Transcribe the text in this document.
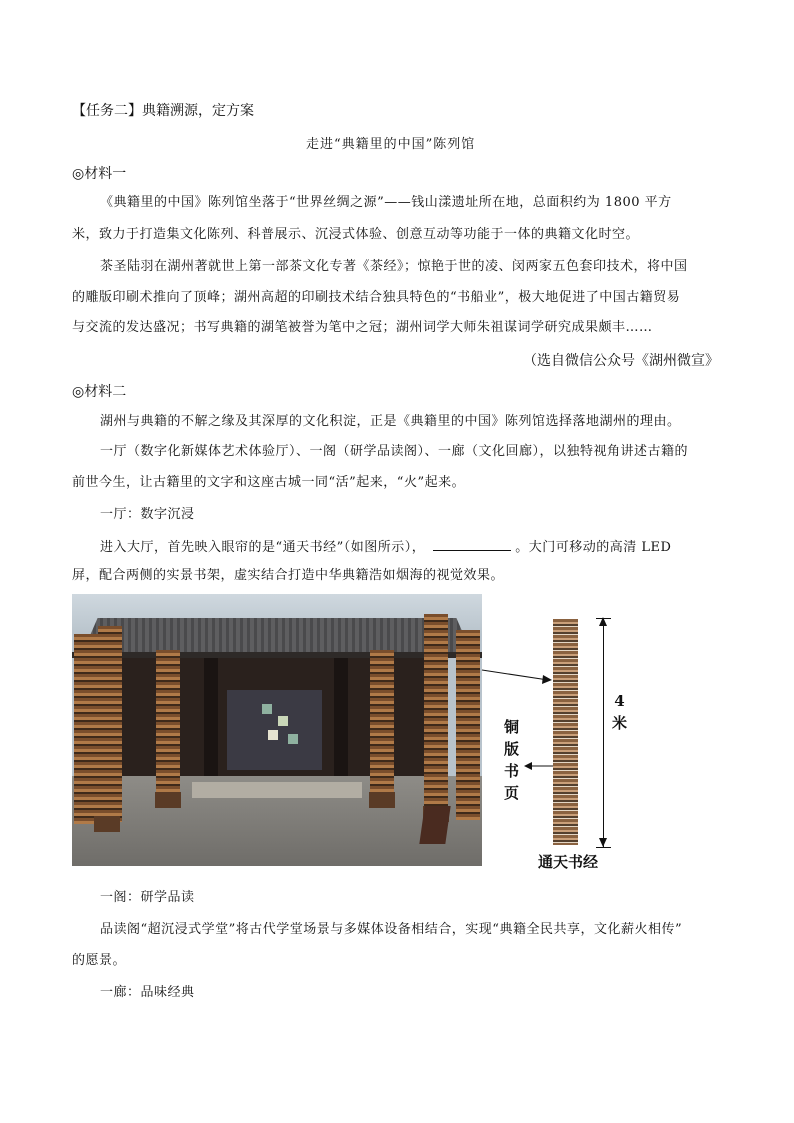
【任务二】典籍溯源，定方案
走进“典籍里的中国”陈列馆
◎材料一
《典籍里的中国》陈列馆坐落于“世界丝绸之源”——钱山漾遗址所在地，总面积约为 1800 平方
米，致力于打造集文化陈列、科普展示、沉浸式体验、创意互动等功能于一体的典籍文化时空。
茶圣陆羽在湖州著就世上第一部茶文化专著《茶经》；惊艳于世的凌、闵两家五色套印技术，将中国
的雕版印刷术推向了顶峰；湖州高超的印刷技术结合独具特色的“书船业”，极大地促进了中国古籍贸易
与交流的发达盛况；书写典籍的湖笔被誉为笔中之冠；湖州词学大师朱祖谋词学研究成果颇丰……
（选自微信公众号《湖州微宣》
◎材料二
湖州与典籍的不解之缘及其深厚的文化积淀，正是《典籍里的中国》陈列馆选择落地湖州的理由。
一厅（数字化新媒体艺术体验厅）、一阁（研学品读阁）、一廊（文化回廊），以独特视角讲述古籍的
前世今生，让古籍里的文字和这座古城一同“活”起来，“火”起来。
一厅：数字沉浸
进入大厅，首先映入眼帘的是“通天书经”（如图所示），	。大门可移动的高清 LED
屏，配合两侧的实景书架，虚实结合打造中华典籍浩如烟海的视觉效果。
4
米
铜
版
书
页
通天书经
一阁：研学品读
品读阁“超沉浸式学堂”将古代学堂场景与多媒体设备相结合，实现“典籍全民共享，文化薪火相传”
的愿景。
一廊：品味经典
